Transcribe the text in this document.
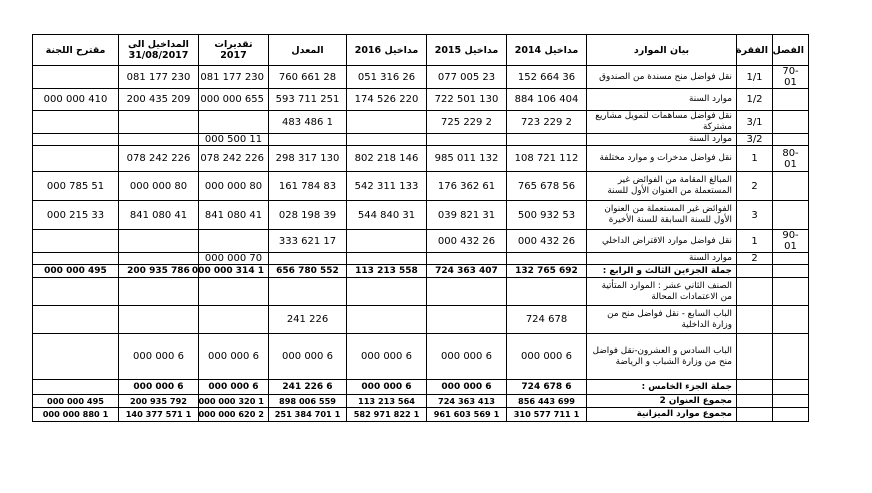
الفصل	الفقرة	بيان الموارد	مداخيل 2014	مداخيل 2015	مداخيل 2016	المعدل	تقديرات 2017	المداخيل الى 31/08/2017	مقترح اللجنة
70-01	1/1	نقل فواضل منح مسندة من الصندوق	36 664 152	23 005 077	26 316 051	28 661 760	230 177 081	230 177 081	
	1/2	موارد السنة	404 106 884	130 501 722	220 526 174	251 711 593	655 000 000	209 435 200	410 000 000
	3/1	نقل فواضل مساهمات لتمويل مشاريع مشتركة	2 229 723	2 229 725		1 486 483			
	3/2	موارد السنة					11 500 000		
80-01	1	نقل فواضل مدخرات و موارد مختلفة	112 721 108	132 011 985	146 218 802	130 317 298	226 242 078	226 242 078	
	2	المبالغ المقامة من الفوائض غير المستعملة من العنوان الأول للسنة	56 678 765	61 362 176	133 311 542	83 784 161	80 000 000	80 000 000	51 785 000
	3	الفوائض غير المستعملة من العنوان الأول للسنة السابقة للسنة الأخيرة	53 932 500	31 821 039	31 840 544	39 198 028	41 080 841	41 080 841	33 215 000
90-01	1	نقل فواضل موارد الاقتراض الداخلي	26 432 000	26 432 000		17 621 333			
	2	موارد السنة					70 000 000		
		جملة الجزءين الثالث و الرابع :	692 765 132	407 363 724	558 213 113	552 780 656	1 314 000 000	786 935 200	495 000 000
		الصنف الثاني عشر : الموارد المتأتية من الاعتمادات المحالة							
		الباب السابع - نقل فواضل منح من وزارة الداخلية	678 724			226 241			
		الباب السادس و العشرون-نقل فواضل منح من وزارة الشباب و الرياضة	6 000 000	6 000 000	6 000 000	6 000 000	6 000 000	6 000 000	
		جملة الجزء الخامس :	6 678 724	6 000 000	6 000 000	6 226 241	6 000 000	6 000 000	
		مجموع العنوان 2	699 443 856	413 363 724	564 213 113	559 006 898	1 320 000 000	792 935 200	495 000 000
		مجموع موارد الميزانية	1 711 577 310	1 569 603 961	1 822 971 582	1 701 384 251	2 620 000 000	1 571 377 140	1 880 000 000
